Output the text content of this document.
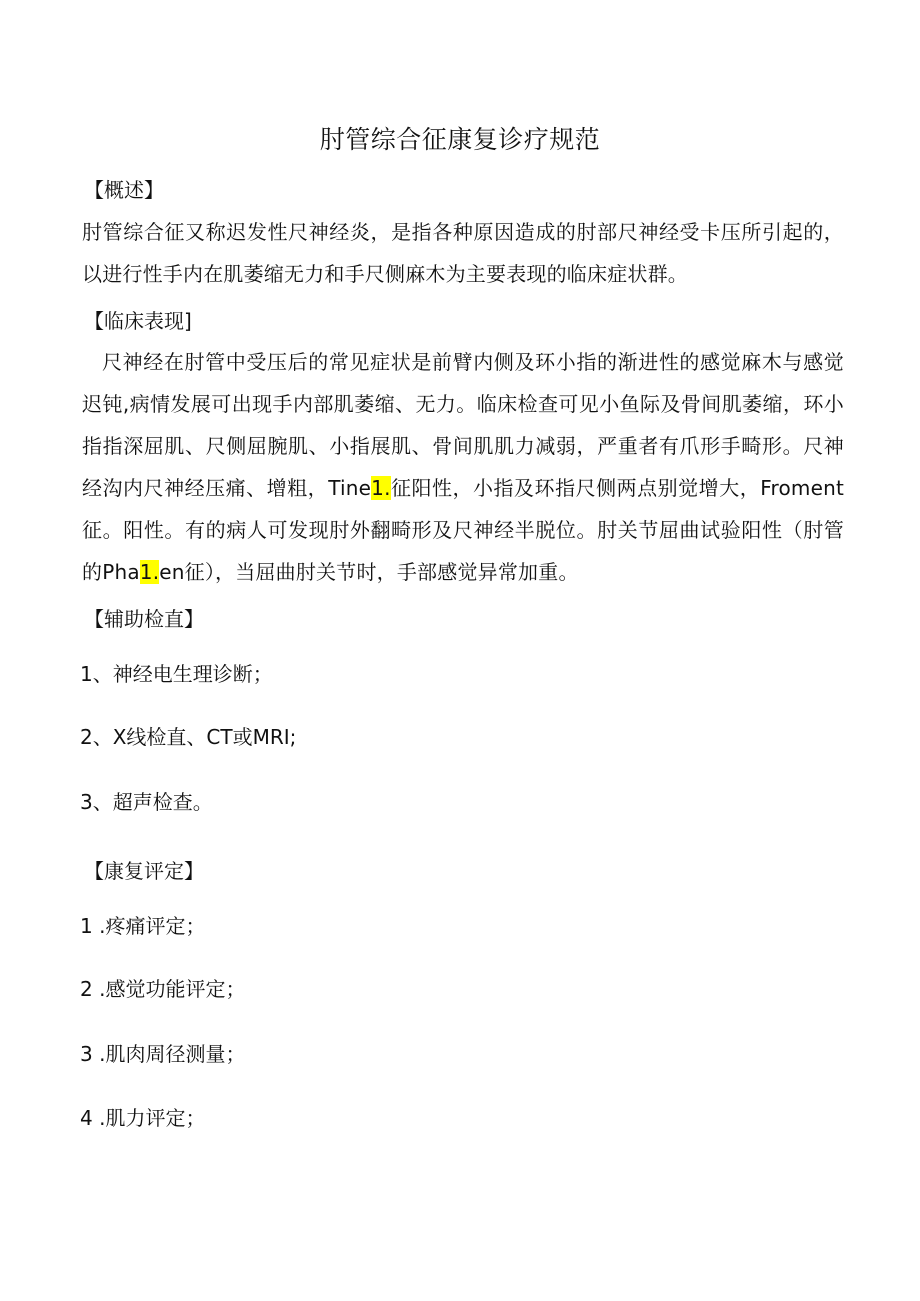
肘管综合征康复诊疗规范
【概述】
肘管综合征又称迟发性尺神经炎，是指各种原因造成的肘部尺神经受卡压所引起的，以进行性手内在肌萎缩无力和手尺侧麻木为主要表现的临床症状群。
【临床表现]
尺神经在肘管中受压后的常见症状是前臂内侧及环小指的渐进性的感觉麻木与感觉迟钝,病情发展可出现手内部肌萎缩、无力。临床检查可见小鱼际及骨间肌萎缩，环小指指深屈肌、尺侧屈腕肌、小指展肌、骨间肌肌力减弱，严重者有爪形手畸形。尺神经沟内尺神经压痛、增粗，Tine1.征阳性，小指及环指尺侧两点别觉增大，Froment征。阳性。有的病人可发现肘外翻畸形及尺神经半脱位。肘关节屈曲试验阳性（肘管的Pha1.en征），当屈曲肘关节时，手部感觉异常加重。
【辅助检直】
1、神经电生理诊断；
2、X线检直、CT或MRI;
3、超声检查。
【康复评定】
1 .疼痛评定；
2 .感觉功能评定；
3 .肌肉周径测量；
4 .肌力评定；
